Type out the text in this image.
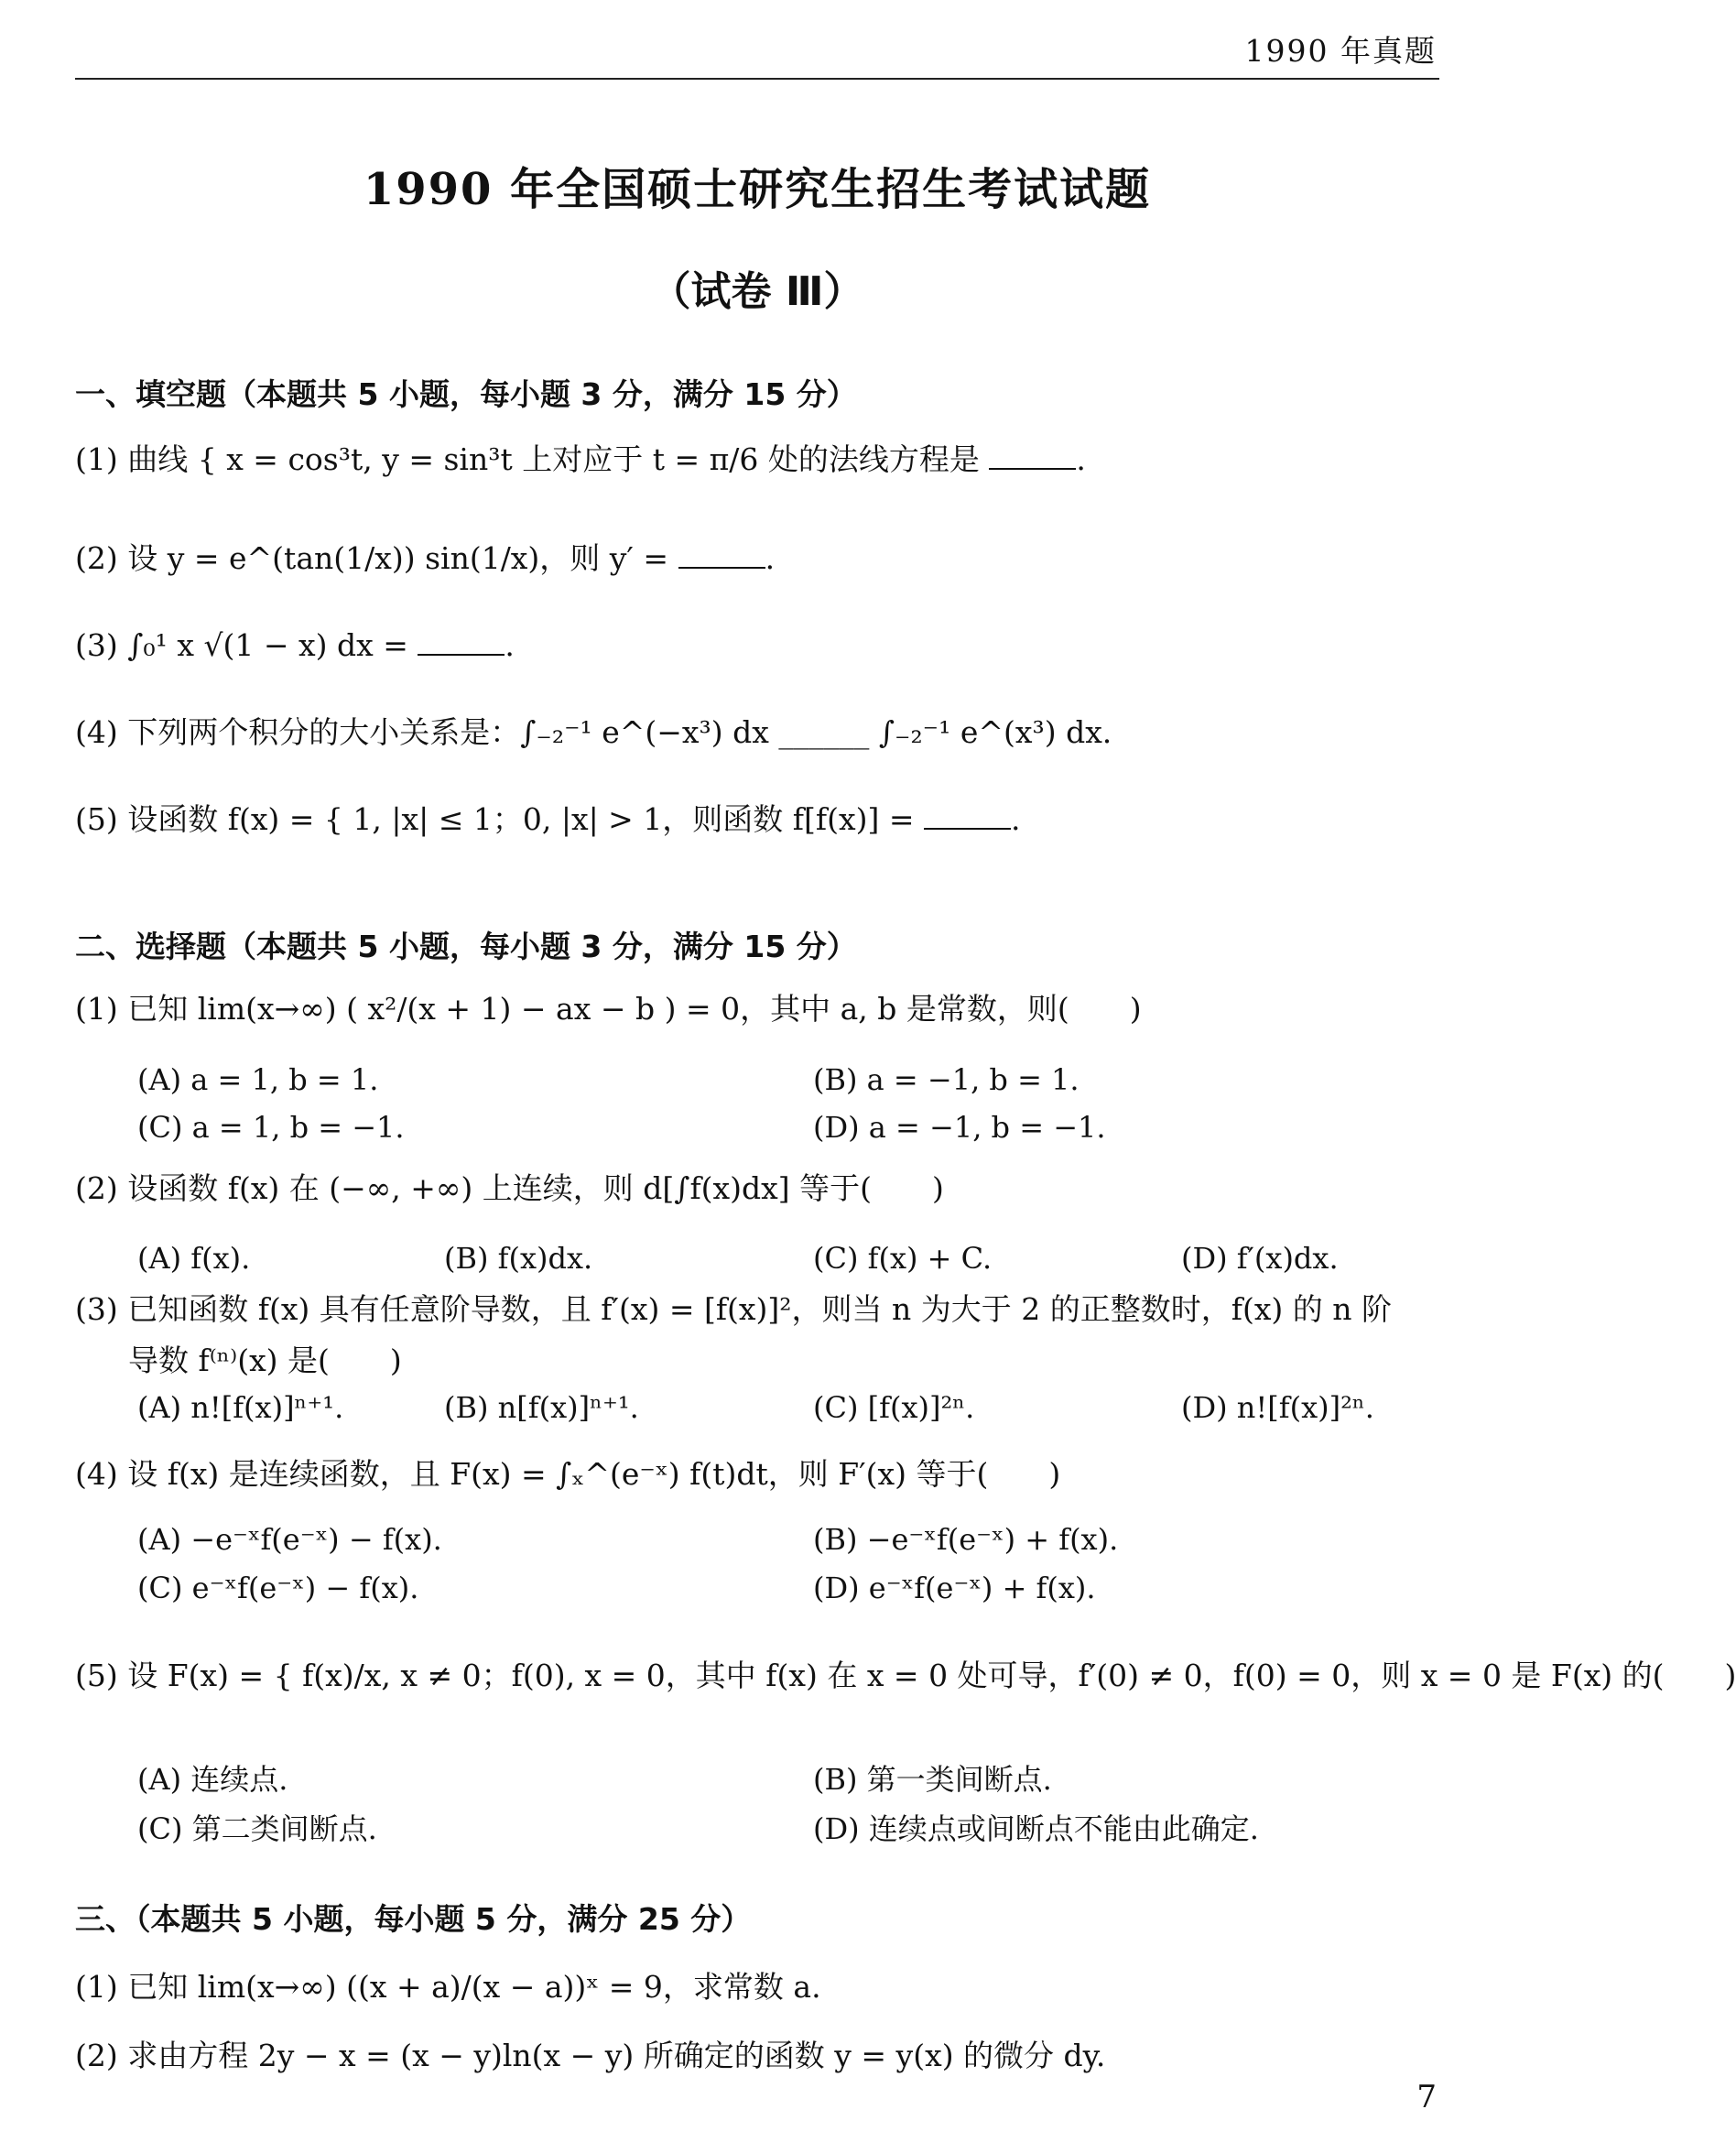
1990 年真题
1990 年全国硕士研究生招生考试试题
（试卷 Ⅲ）
一、填空题（本题共 5 小题，每小题 3 分，满分 15 分）
(1) 曲线 { x = cos³t, y = sin³t 上对应于 t = π/6 处的法线方程是	.
(2) 设 y = e^(tan(1/x)) sin(1/x)，则 y′ =	.
(3) ∫₀¹ x √(1 − x) dx =	.
(4) 下列两个积分的大小关系是：∫₋₂⁻¹ e^(−x³) dx ______ ∫₋₂⁻¹ e^(x³) dx.
(5) 设函数 f(x) = { 1, |x| ≤ 1；0, |x| > 1，则函数 f[f(x)] =	.
二、选择题（本题共 5 小题，每小题 3 分，满分 15 分）
(1) 已知 lim(x→∞) ( x²/(x + 1) − ax − b ) = 0，其中 a, b 是常数，则(　　)
(A) a = 1, b = 1.	(B) a = −1, b = 1.
(C) a = 1, b = −1.	(D) a = −1, b = −1.
(2) 设函数 f(x) 在 (−∞, +∞) 上连续，则 d[∫f(x)dx] 等于(　　)
(A) f(x).	(B) f(x)dx.	(C) f(x) + C.	(D) f′(x)dx.
(3) 已知函数 f(x) 具有任意阶导数，且 f′(x) = [f(x)]²，则当 n 为大于 2 的正整数时，f(x) 的 n 阶
导数 f⁽ⁿ⁾(x) 是(　　)
(A) n![f(x)]ⁿ⁺¹.	(B) n[f(x)]ⁿ⁺¹.	(C) [f(x)]²ⁿ.	(D) n![f(x)]²ⁿ.
(4) 设 f(x) 是连续函数，且 F(x) = ∫ₓ^(e⁻ˣ) f(t)dt，则 F′(x) 等于(　　)
(A) −e⁻ˣf(e⁻ˣ) − f(x).	(B) −e⁻ˣf(e⁻ˣ) + f(x).
(C) e⁻ˣf(e⁻ˣ) − f(x).	(D) e⁻ˣf(e⁻ˣ) + f(x).
(5) 设 F(x) = { f(x)/x, x ≠ 0；f(0), x = 0，其中 f(x) 在 x = 0 处可导，f′(0) ≠ 0，f(0) = 0，则 x = 0 是 F(x) 的(　　)
(A) 连续点.	(B) 第一类间断点.
(C) 第二类间断点.	(D) 连续点或间断点不能由此确定.
三、（本题共 5 小题，每小题 5 分，满分 25 分）
(1) 已知 lim(x→∞) ((x + a)/(x − a))ˣ = 9，求常数 a.
(2) 求由方程 2y − x = (x − y)ln(x − y) 所确定的函数 y = y(x) 的微分 dy.
7
